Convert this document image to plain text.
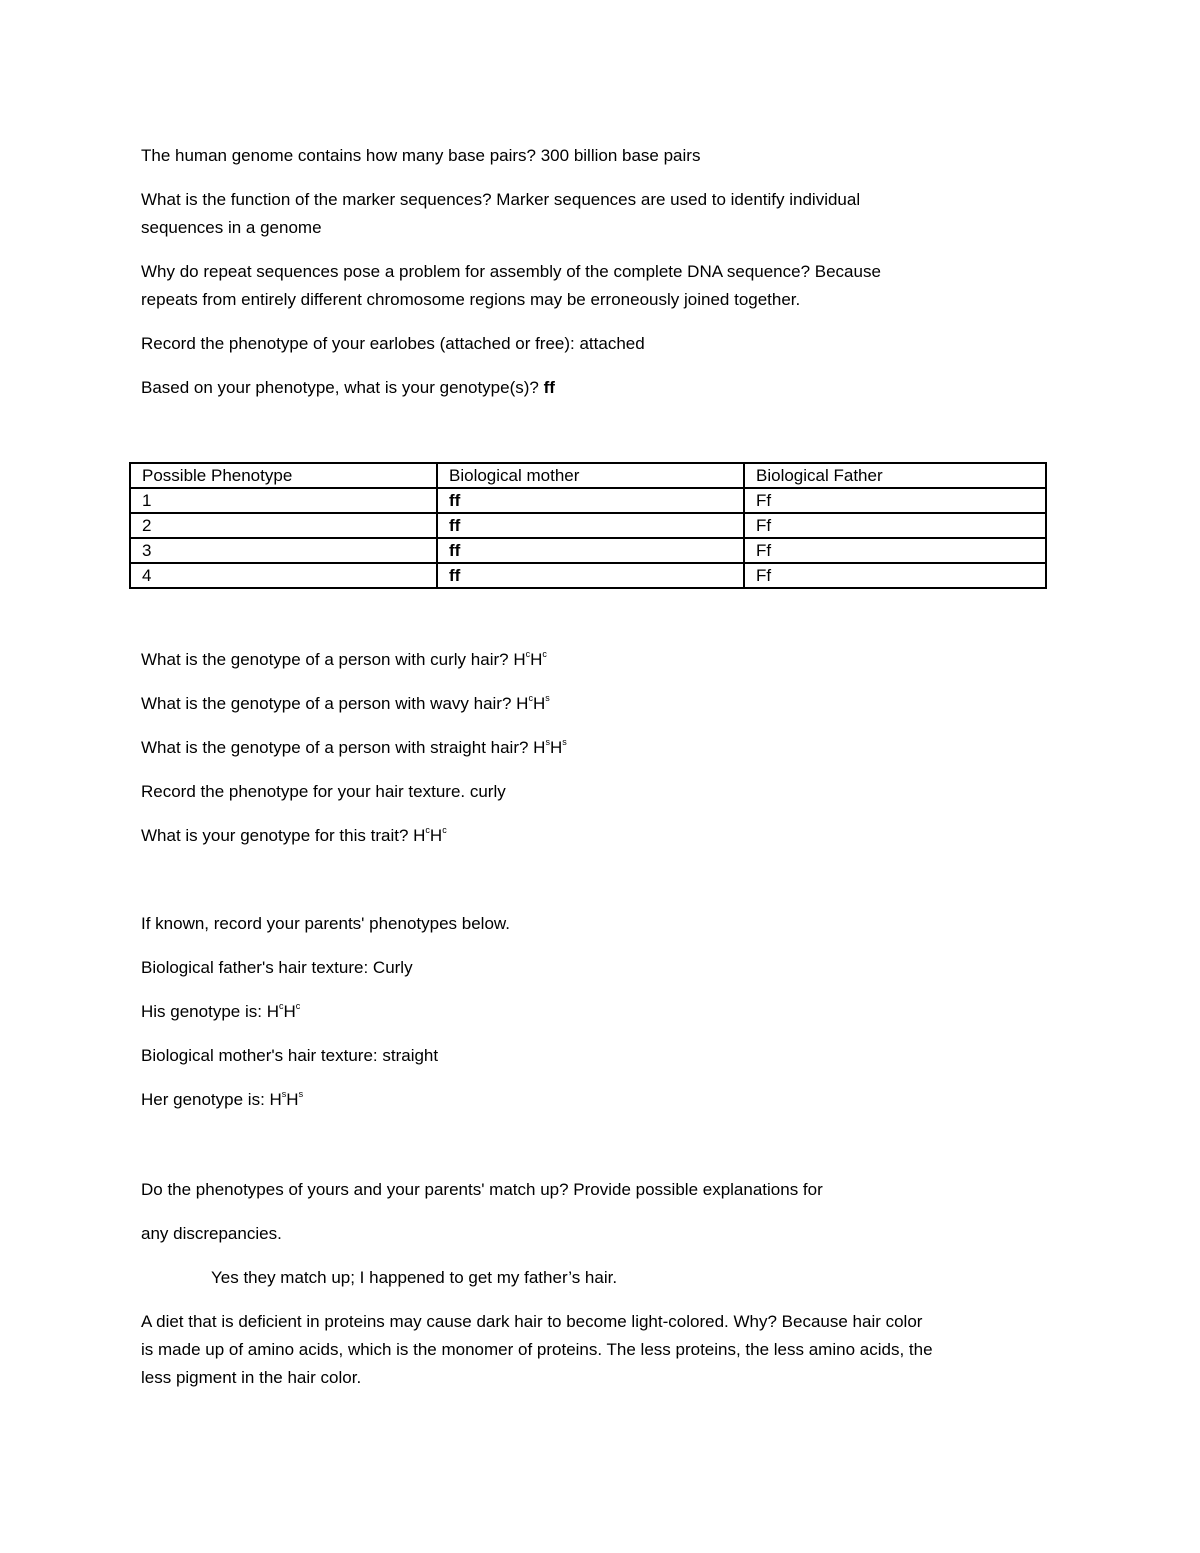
The human genome contains how many base pairs? 300 billion base pairs

What is the function of the marker sequences? Marker sequences are used to identify individual
sequences in a genome

Why do repeat sequences pose a problem for assembly of the complete DNA sequence? Because
repeats from entirely different chromosome regions may be erroneously joined together.

Record the phenotype of your earlobes (attached or free): attached

Based on your phenotype, what is your genotype(s)? ff

Possible Phenotype	Biological mother	Biological Father
1	ff	Ff
2	ff	Ff
3	ff	Ff
4	ff	Ff

What is the genotype of a person with curly hair? $H^cH^c$

What is the genotype of a person with wavy hair? $H^cH^s$

What is the genotype of a person with straight hair? $H^sH^s$

Record the phenotype for your hair texture. curly

What is your genotype for this trait? $H^cH^c$

If known, record your parents' phenotypes below.

Biological father's hair texture: Curly

His genotype is: $H^cH^c$

Biological mother's hair texture: straight

Her genotype is: $H^sH^s$

Do the phenotypes of yours and your parents' match up? Provide possible explanations for

any discrepancies.

Yes they match up; I happened to get my father’s hair.

A diet that is deficient in proteins may cause dark hair to become light-colored. Why? Because hair color
is made up of amino acids, which is the monomer of proteins. The less proteins, the less amino acids, the
less pigment in the hair color.
